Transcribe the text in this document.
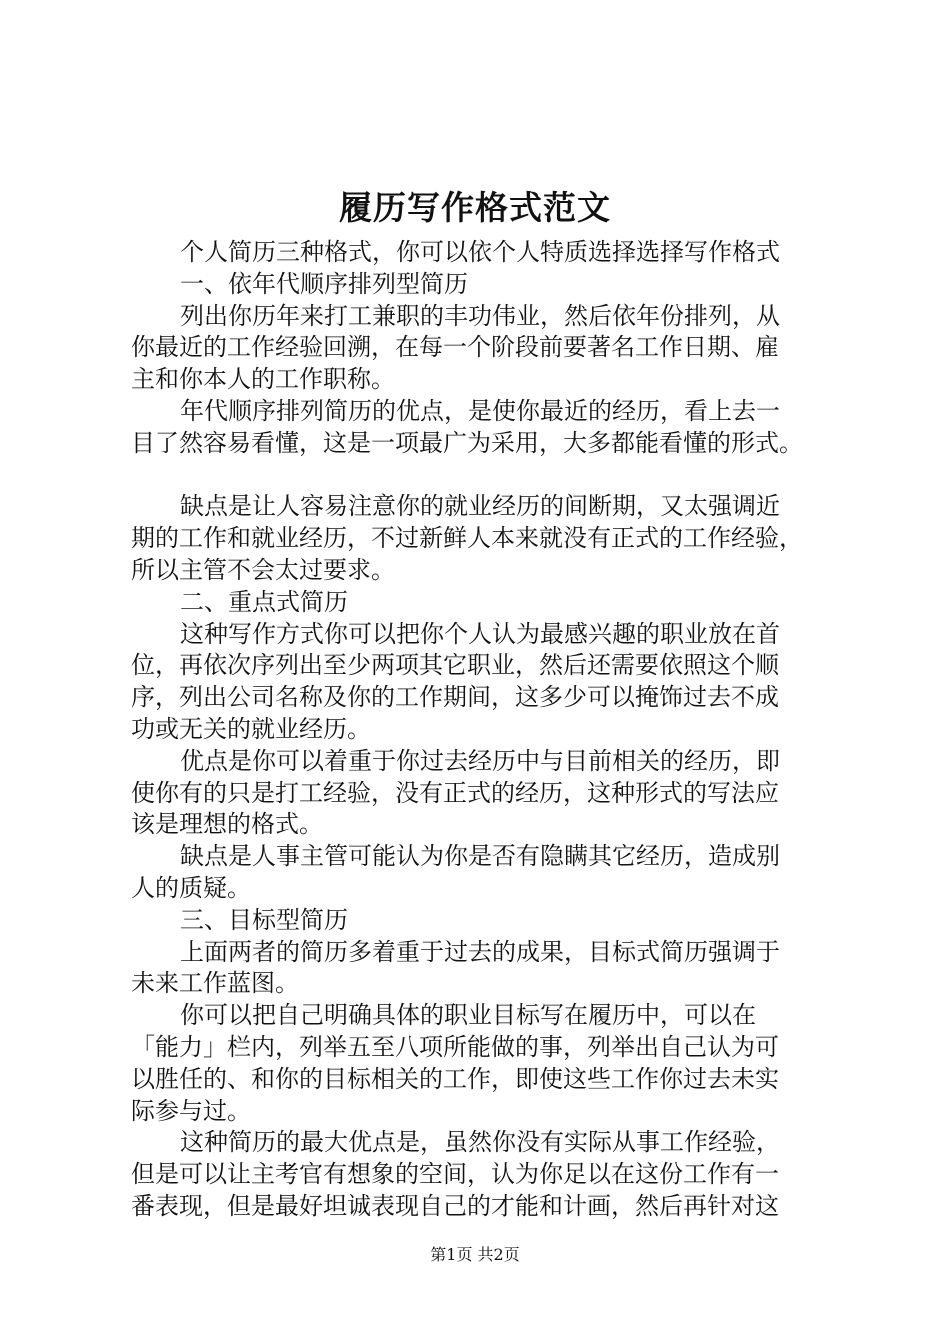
履历写作格式范文

个人简历三种格式，你可以依个人特质选择选择写作格式

一、依年代顺序排列型简历

列出你历年来打工兼职的丰功伟业，然后依年份排列，从

你最近的工作经验回溯，在每一个阶段前要著名工作日期、雇

主和你本人的工作职称。

年代顺序排列简历的优点，是使你最近的经历，看上去一

目了然容易看懂，这是一项最广为采用，大多都能看懂的形式。

缺点是让人容易注意你的就业经历的间断期，又太强调近

期的工作和就业经历，不过新鲜人本来就没有正式的工作经验，

所以主管不会太过要求。

二、重点式简历

这种写作方式你可以把你个人认为最感兴趣的职业放在首

位，再依次序列出至少两项其它职业，然后还需要依照这个顺

序，列出公司名称及你的工作期间，这多少可以掩饰过去不成

功或无关的就业经历。

优点是你可以着重于你过去经历中与目前相关的经历，即

使你有的只是打工经验，没有正式的经历，这种形式的写法应

该是理想的格式。

缺点是人事主管可能认为你是否有隐瞒其它经历，造成别

人的质疑。

三、目标型简历

上面两者的简历多着重于过去的成果，目标式简历强调于

未来工作蓝图。

你可以把自己明确具体的职业目标写在履历中，可以在

「能力」栏内，列举五至八项所能做的事，列举出自己认为可

以胜任的、和你的目标相关的工作，即使这些工作你过去未实

际参与过。

这种简历的最大优点是，虽然你没有实际从事工作经验，

但是可以让主考官有想象的空间，认为你足以在这份工作有一

番表现，但是最好坦诚表现自己的才能和计画，然后再针对这

第1页 共2页
